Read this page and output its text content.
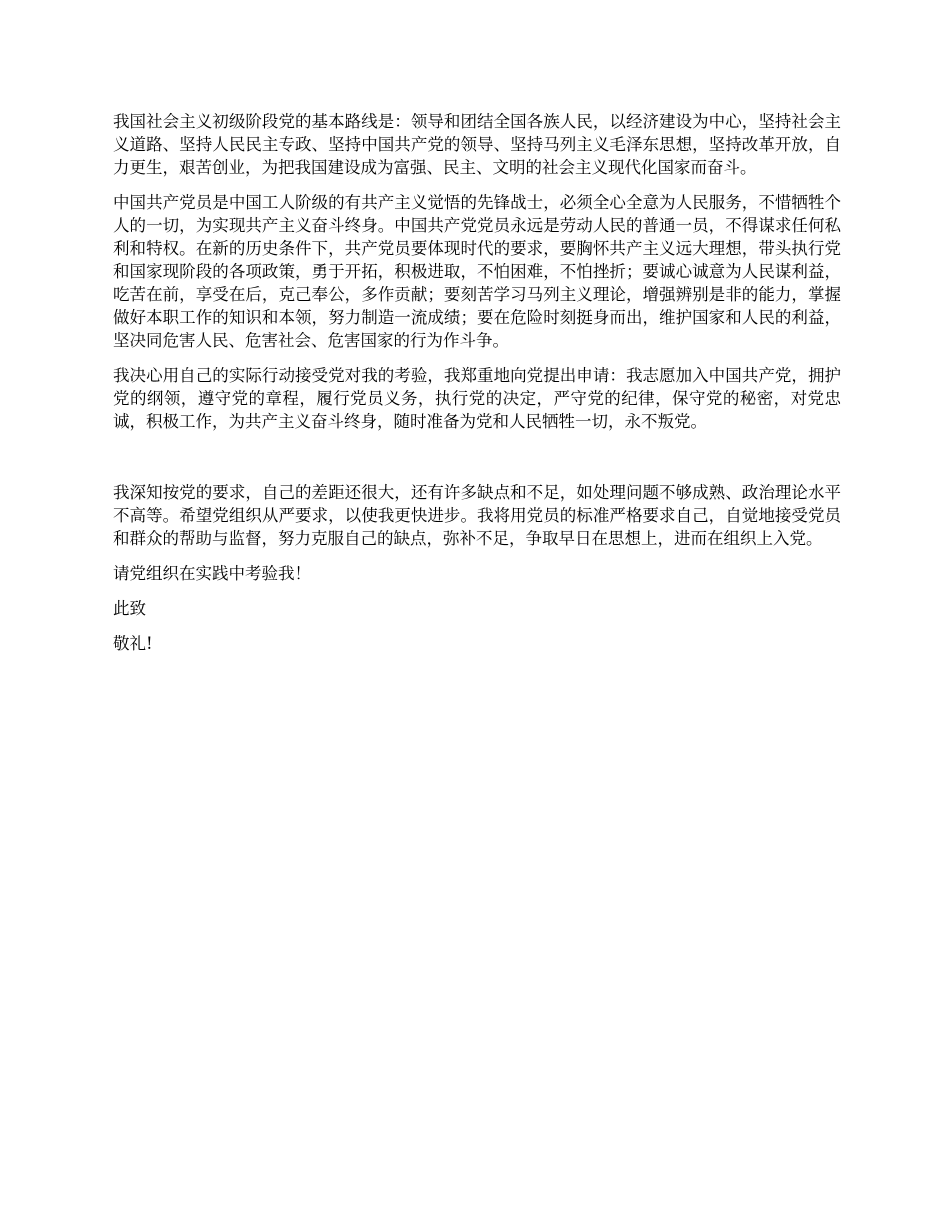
我国社会主义初级阶段党的基本路线是：领导和团结全国各族人民，以经济建设为中心，坚持社会主义道路、坚持人民民主专政、坚持中国共产党的领导、坚持马列主义毛泽东思想，坚持改革开放，自力更生，艰苦创业，为把我国建设成为富强、民主、文明的社会主义现代化国家而奋斗。

中国共产党员是中国工人阶级的有共产主义觉悟的先锋战士，必须全心全意为人民服务，不惜牺牲个人的一切，为实现共产主义奋斗终身。中国共产党党员永远是劳动人民的普通一员，不得谋求任何私利和特权。在新的历史条件下，共产党员要体现时代的要求，要胸怀共产主义远大理想，带头执行党和国家现阶段的各项政策，勇于开拓，积极进取，不怕困难，不怕挫折；要诚心诚意为人民谋利益，吃苦在前，享受在后，克己奉公，多作贡献；要刻苦学习马列主义理论，增强辨别是非的能力，掌握做好本职工作的知识和本领，努力制造一流成绩；要在危险时刻挺身而出，维护国家和人民的利益，坚决同危害人民、危害社会、危害国家的行为作斗争。

我决心用自己的实际行动接受党对我的考验，我郑重地向党提出申请：我志愿加入中国共产党，拥护党的纲领，遵守党的章程，履行党员义务，执行党的决定，严守党的纪律，保守党的秘密，对党忠诚，积极工作，为共产主义奋斗终身，随时准备为党和人民牺牲一切，永不叛党。

我深知按党的要求，自己的差距还很大，还有许多缺点和不足，如处理问题不够成熟、政治理论水平不高等。希望党组织从严要求，以使我更快进步。我将用党员的标准严格要求自己，自觉地接受党员和群众的帮助与监督，努力克服自己的缺点，弥补不足，争取早日在思想上，进而在组织上入党。

请党组织在实践中考验我！

此致

敬礼!
